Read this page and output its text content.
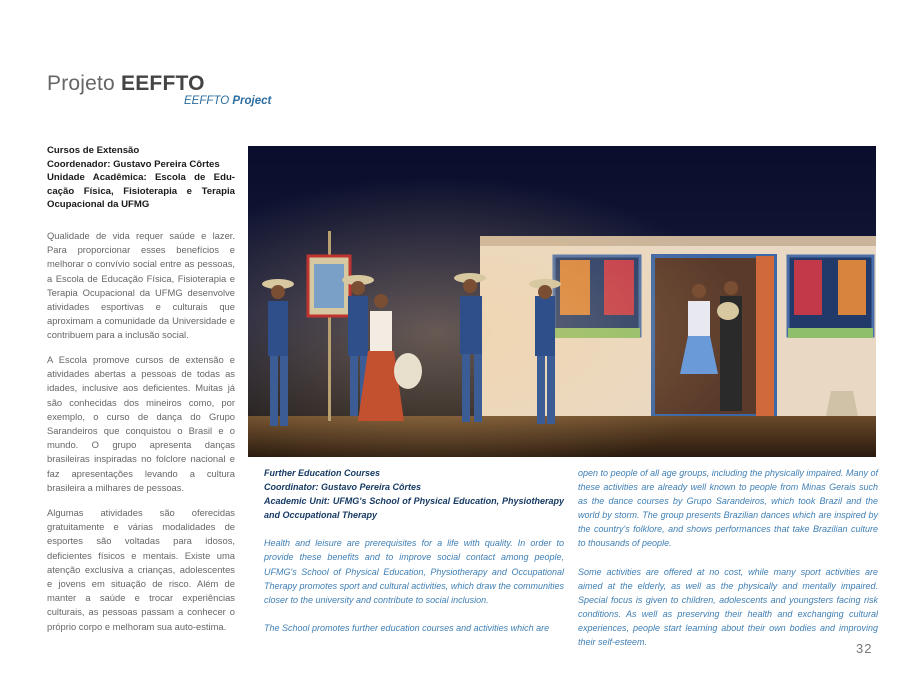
Projeto EEFFTO
EEFFTO Project
Cursos de Extensão
Coordenador: Gustavo Pereira Côrtes
Unidade Acadêmica: Escola de Edu-cação Física, Fisioterapia e Terapia Ocupacional da UFMG

Qualidade de vida requer saúde e lazer. Para proporcionar esses benefícios e melhorar o convívio social entre as pessoas, a Escola de Educação Física, Fisioterapia e Terapia Ocupacional da UFMG desenvolve atividades esportivas e culturais que aproximam a comunidade da Universidade e contribuem para a inclusão social.

A Escola promove cursos de extensão e atividades abertas a pessoas de todas as idades, inclusive aos deficientes. Muitas já são conhecidas dos mineiros como, por exemplo, o curso de dança do Grupo Sarandeiros que conquistou o Brasil e o mundo. O grupo apresenta danças brasileiras inspiradas no folclore nacional e faz apresentações levando a cultura brasileira a milhares de pessoas.

Algumas atividades são oferecidas gratuitamente e várias modalidades de esportes são voltadas para idosos, deficientes físicos e mentais. Existe uma atenção exclusiva a crianças, adolescentes e jovens em situação de risco. Além de manter a saúde e trocar experiências culturais, as pessoas passam a conhecer o próprio corpo e melhoram sua auto-estima.

Further Education Courses
Coordinator: Gustavo Pereira Côrtes
Academic Unit: UFMG's School of Physical Education, Physiotherapy and Occupational Therapy

Health and leisure are prerequisites for a life with quality. In order to provide these benefits and to improve social contact among people, UFMG's School of Physical Education, Physiotherapy and Occupational Therapy promotes sport and cultural activities, which draw the communities closer to the university and contribute to social inclusion.

The School promotes further education courses and activities which are

open to people of all age groups, including the physically impaired. Many of these activities are already well known to people from Minas Gerais such as the dance courses by Grupo Sarandeiros, which took Brazil and the world by storm. The group presents Brazilian dances which are inspired by the country's folklore, and shows performances that take Brazilian culture to thousands of people.

Some activities are offered at no cost, while many sport activities are aimed at the elderly, as well as the physically and mentally impaired. Special focus is given to children, adolescents and youngsters facing risk conditions. As well as preserving their health and exchanging cultural experiences, people start learning about their own bodies and improving their self-esteem.	32
